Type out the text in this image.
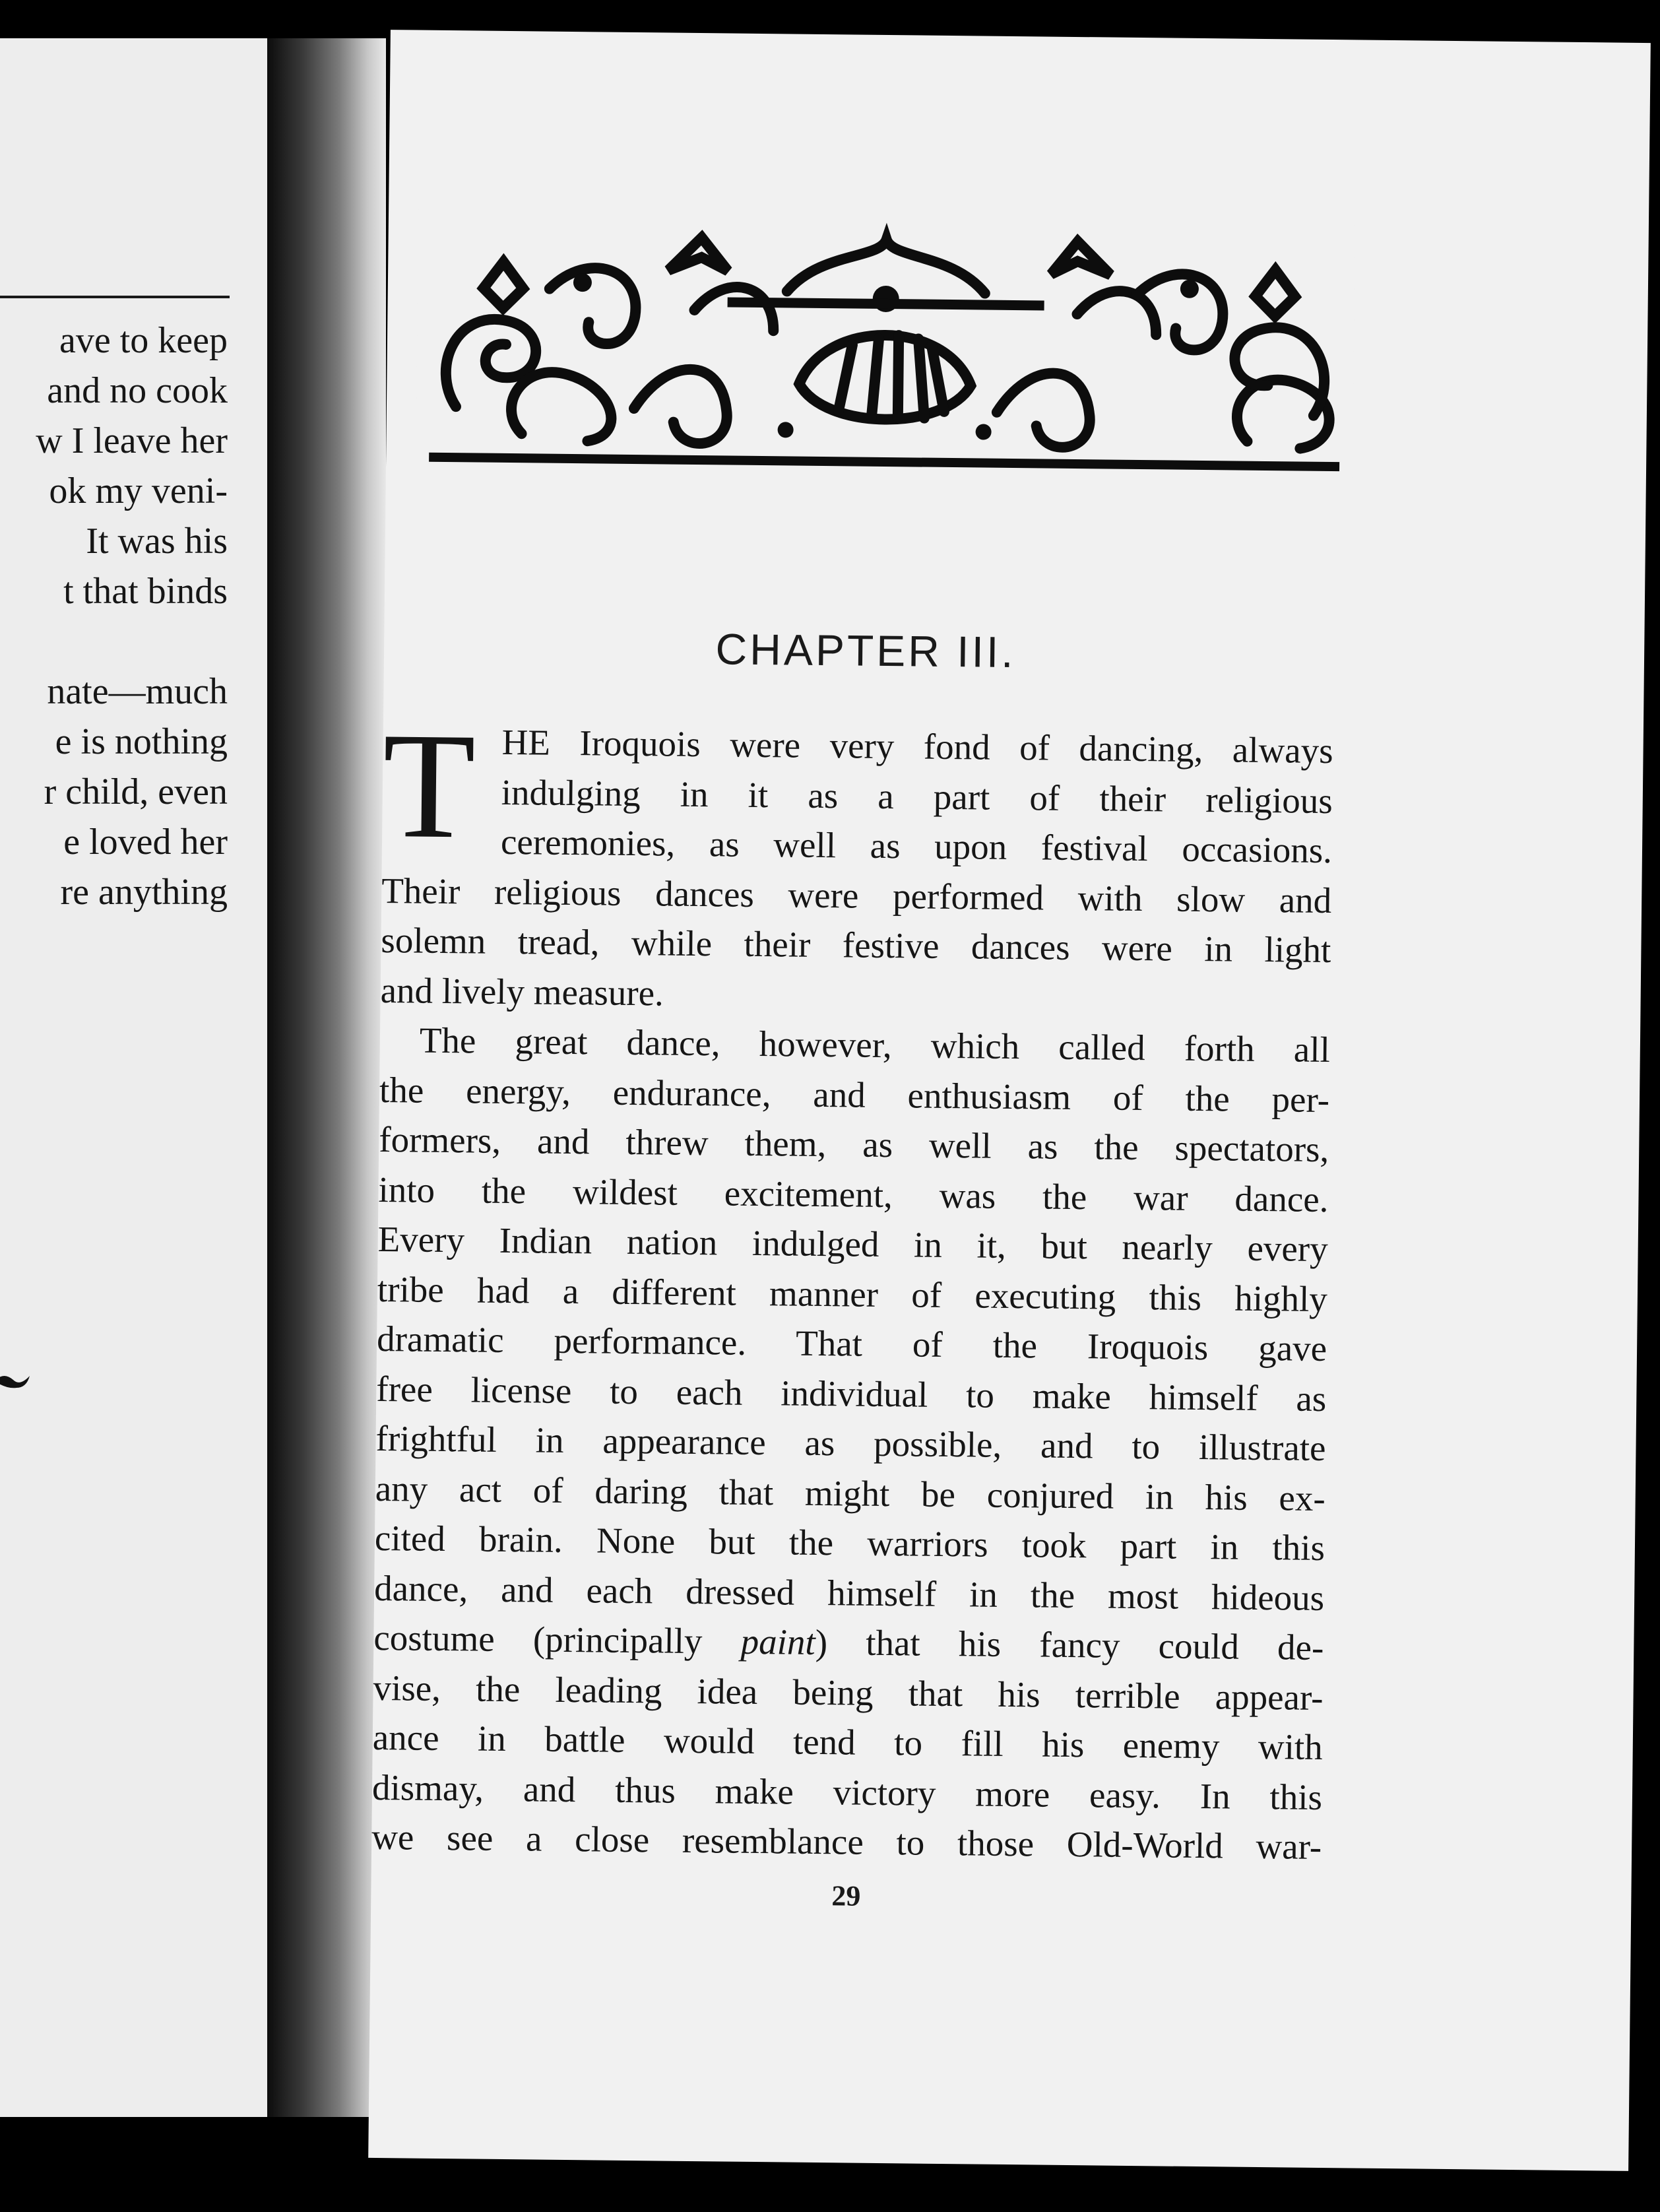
ave to keep
and no cook
w I leave her
ok my veni-
It was his
t that binds
nate—much
e is nothing
r child, even
e loved her
re anything
CHAPTER III.
T HE Iroquois were very fond of dancing, always
indulging in it as a part of their religious
ceremonies, as well as upon festival occasions.
Their religious dances were performed with slow and
solemn tread, while their festive dances were in light
and lively measure.
The great dance, however, which called forth all
the energy, endurance, and enthusiasm of the per-
formers, and threw them, as well as the spectators,
into the wildest excitement, was the war dance.
Every Indian nation indulged in it, but nearly every
tribe had a different manner of executing this highly
dramatic performance. That of the Iroquois gave
free license to each individual to make himself as
frightful in appearance as possible, and to illustrate
any act of daring that might be conjured in his ex-
cited brain. None but the warriors took part in this
dance, and each dressed himself in the most hideous
costume (principally paint) that his fancy could de-
vise, the leading idea being that his terrible appear-
ance in battle would tend to fill his enemy with
dismay, and thus make victory more easy. In this
we see a close resemblance to those Old-World war-
29
